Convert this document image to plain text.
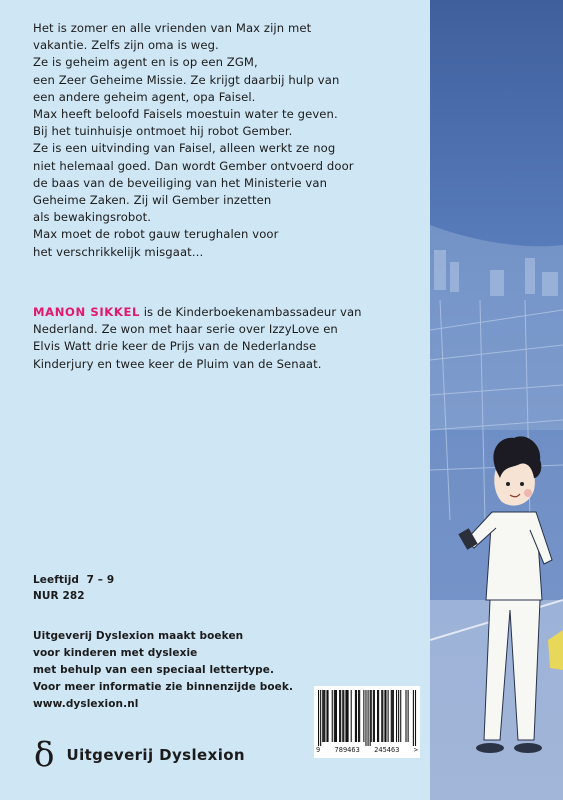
Het is zomer en alle vrienden van Max zijn met
vakantie. Zelfs zijn oma is weg.
Ze is geheim agent en is op een ZGM,
een Zeer Geheime Missie. Ze krijgt daarbij hulp van
een andere geheim agent, opa Faisel.
Max heeft beloofd Faisels moestuin water te geven.
Bij het tuinhuisje ontmoet hij robot Gember.
Ze is een uitvinding van Faisel, alleen werkt ze nog
niet helemaal goed. Dan wordt Gember ontvoerd door
de baas van de beveiliging van het Ministerie van
Geheime Zaken. Zij wil Gember inzetten
als bewakingsrobot.
Max moet de robot gauw terughalen voor
het verschrikkelijk misgaat…
MANON SIKKEL is de Kinderboekenambassadeur van
Nederland. Ze won met haar serie over IzzyLove en
Elvis Watt drie keer de Prijs van de Nederlandse
Kinderjury en twee keer de Pluim van de Senaat.
Leeftijd 7 – 9
NUR 282
Uitgeverij Dyslexion maakt boeken
voor kinderen met dyslexie
met behulp van een speciaal lettertype.
Voor meer informatie zie binnenzijde boek.
www.dyslexion.nl
δ Uitgeverij Dyslexion	9 789463 245463 >
